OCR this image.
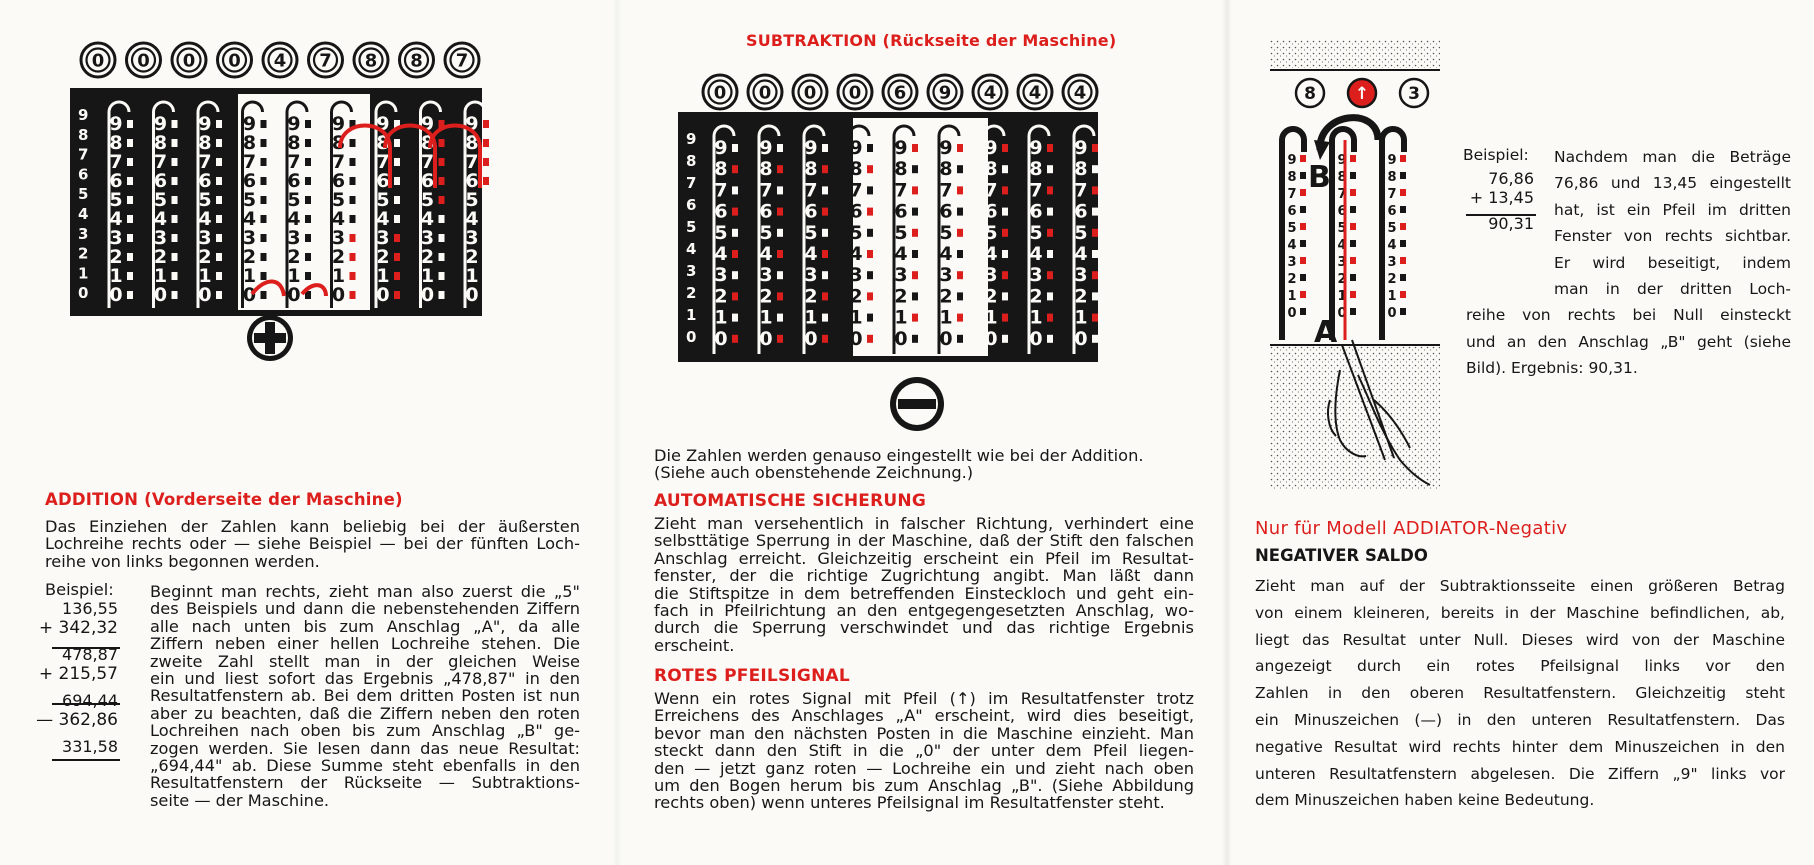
0 0 0 0 4 7 8 8 7
9
8
7
6
5
4
3
2
1
0
9
8
7
6
5
4
3
2
1
0
9
8
7
6
5
4
3
2
1
0
9
8
7
6
5
4
3
2
1
0
9
8
7
6
5
4
3
2
1
0
9
8
7
6
5
4
3
2
1
0
9
8
7
6
5
4
3
2
1
0
9
8
7
6
5
4
3
2
1
0
9
8
7
6
5
4
3
2
1
0
9
8
7
6
5
4
3
2
1
0
SUBTRAKTION (Rückseite der Maschine)
0 0 0 0 6 9 4 4 4
9
8
7
6
5
4
3
2
1
0
9
8
7
6
5
4
3
2
1
0
9
8
7
6
5
4
3
2
1
0
9
8
7
6
5
4
3
2
1
0
9
8
7
6
5
4
3
2
1
0
9
8
7
6
5
4
3
2
1
0
9
8
7
6
5
4
3
2
1
0
9
8
7
6
5
4
3
2
1
0
9
8
7
6
5
4
3
2
1
0
9
8
7
6
5
4
3
2
1
0
8 ↑ 3
9
8
7
6
5
4
3
2
1
0
9
8
7
6
5
4
3
2
1
0
9
8
7
6
5
4
3
2
1
0
B
A
Beispiel:
76,86
+ 13,45
90,31

Nachdem man die Beträge

76,86 und 13,45 eingestellt

hat, ist ein Pfeil im dritten

Fenster von rechts sichtbar.

Er wird beseitigt, indem

man in der dritten Loch-

reihe von rechts bei Null einsteckt

und an den Anschlag „B" geht (siehe

Bild). Ergebnis: 90,31.

ADDITION (Vorderseite der Maschine)

Das Einziehen der Zahlen kann beliebig bei der äußersten

Lochreihe rechts oder — siehe Beispiel — bei der fünften Loch-

reihe von links begonnen werden.

Beispiel:
136,55
+ 342,32
478,87
+ 215,57
694,44
— 362,86
331,58

Beginnt man rechts, zieht man also zuerst die „5"

des Beispiels und dann die nebenstehenden Ziffern

alle nach unten bis zum Anschlag „A", da alle

Ziffern neben einer hellen Lochreihe stehen. Die

zweite Zahl stellt man in der gleichen Weise

ein und liest sofort das Ergebnis „478,87" in den

Resultatfenstern ab. Bei dem dritten Posten ist nun

aber zu beachten, daß die Ziffern neben den roten

Lochreihen nach oben bis zum Anschlag „B" ge-

zogen werden. Sie lesen dann das neue Resultat:

„694,44" ab. Diese Summe steht ebenfalls in den

Resultatfenstern der Rückseite — Subtraktions-

seite — der Maschine.

Die Zahlen werden genauso eingestellt wie bei der Addition.

(Siehe auch obenstehende Zeichnung.)

AUTOMATISCHE SICHERUNG

Zieht man versehentlich in falscher Richtung, verhindert eine

selbsttätige Sperrung in der Maschine, daß der Stift den falschen

Anschlag erreicht. Gleichzeitig erscheint ein Pfeil im Resultat-

fenster, der die richtige Zugrichtung angibt. Man läßt dann

die Stiftspitze in dem betreffenden Einsteckloch und geht ein-

fach in Pfeilrichtung an den entgegengesetzten Anschlag, wo-

durch die Sperrung verschwindet und das richtige Ergebnis

erscheint.

ROTES PFEILSIGNAL

Wenn ein rotes Signal mit Pfeil (↑) im Resultatfenster trotz

Erreichens des Anschlages „A" erscheint, wird dies beseitigt,

bevor man den nächsten Posten in die Maschine einzieht. Man

steckt dann den Stift in die „0" der unter dem Pfeil liegen-

den — jetzt ganz roten — Lochreihe ein und zieht nach oben

um den Bogen herum bis zum Anschlag „B". (Siehe Abbildung

rechts oben) wenn unteres Pfeilsignal im Resultatfenster steht.

Nur für Modell ADDIATOR-Negativ
NEGATIVER SALDO

Zieht man auf der Subtraktionsseite einen größeren Betrag

von einem kleineren, bereits in der Maschine befindlichen, ab,

liegt das Resultat unter Null. Dieses wird von der Maschine

angezeigt durch ein rotes Pfeilsignal links vor den

Zahlen in den oberen Resultatfenstern. Gleichzeitig steht

ein Minuszeichen (—) in den unteren Resultatfenstern. Das

negative Resultat wird rechts hinter dem Minuszeichen in den

unteren Resultatfenstern abgelesen. Die Ziffern „9" links vor

dem Minuszeichen haben keine Bedeutung.
